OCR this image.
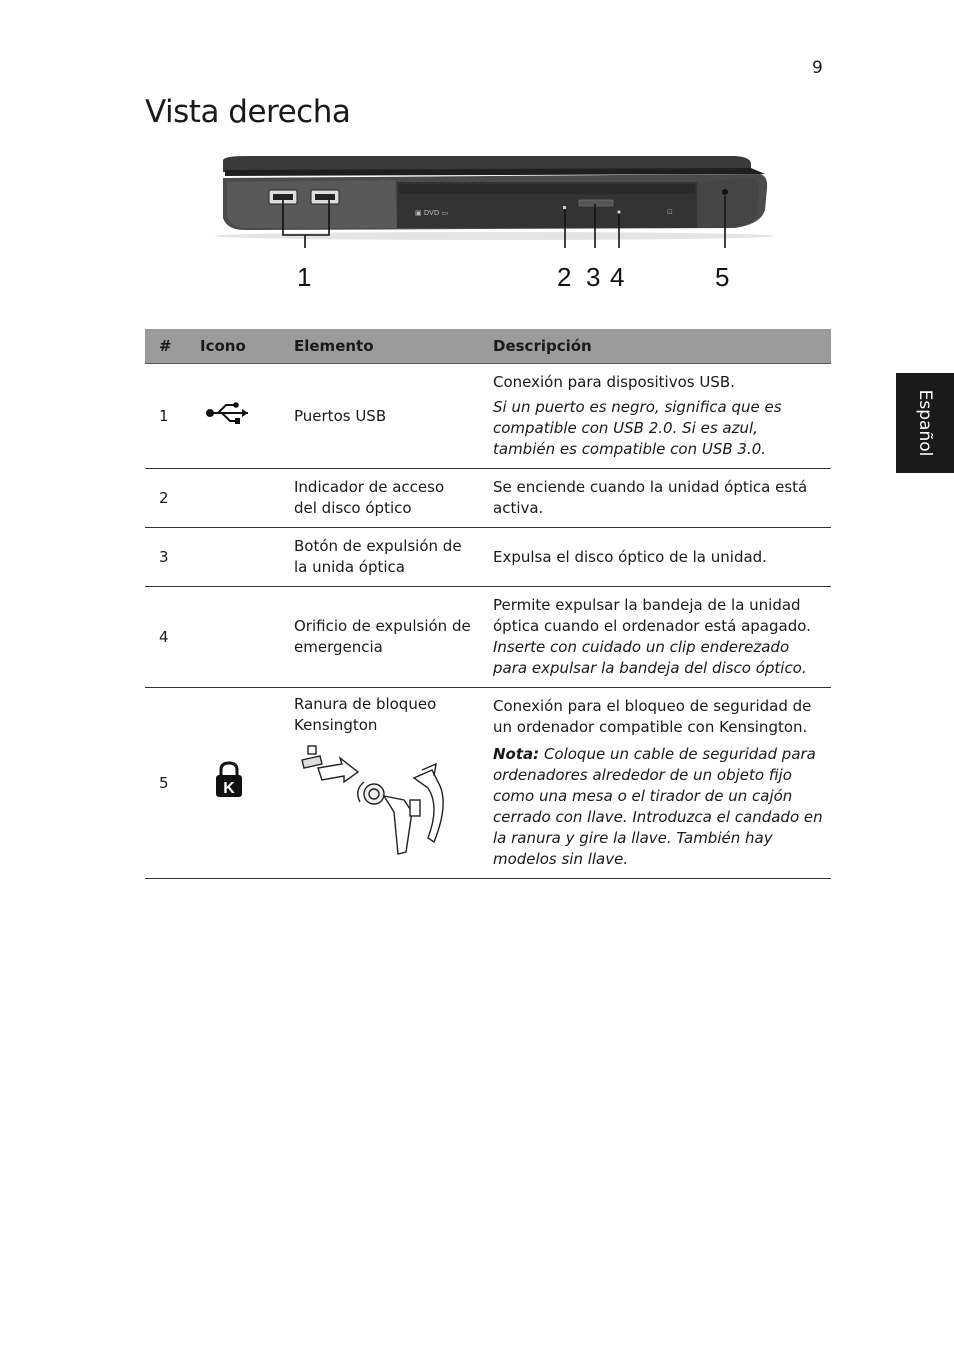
9
Vista derecha
Español
▣ DVD ▭	⊡
1	2 3 4	5
#	Icono	Elemento	Descripción
1		Puertos USB	Conexión para dispositivos USB.
Si un puerto es negro, significa que es compatible con USB 2.0. Si es azul, también es compatible con USB 3.0.

2		Indicador de acceso del disco óptico	Se enciende cuando la unidad óptica está activa.
3		Botón de expulsión de la unida óptica	Expulsa el disco óptico de la unidad.
4		Orificio de expulsión de emergencia	Permite expulsar la bandeja de la unidad óptica cuando el ordenador está apagado.
Inserte con cuidado un clip enderezado para expulsar la bandeja del disco óptico.

5	K	Ranura de bloqueo Kensington	Conexión para el bloqueo de seguridad de un ordenador compatible con Kensington.
Nota: Coloque un cable de seguridad para ordenadores alrededor de un objeto fijo como una mesa o el tirador de un cajón cerrado con llave. Introduzca el candado en la ranura y gire la llave. También hay modelos sin llave.
